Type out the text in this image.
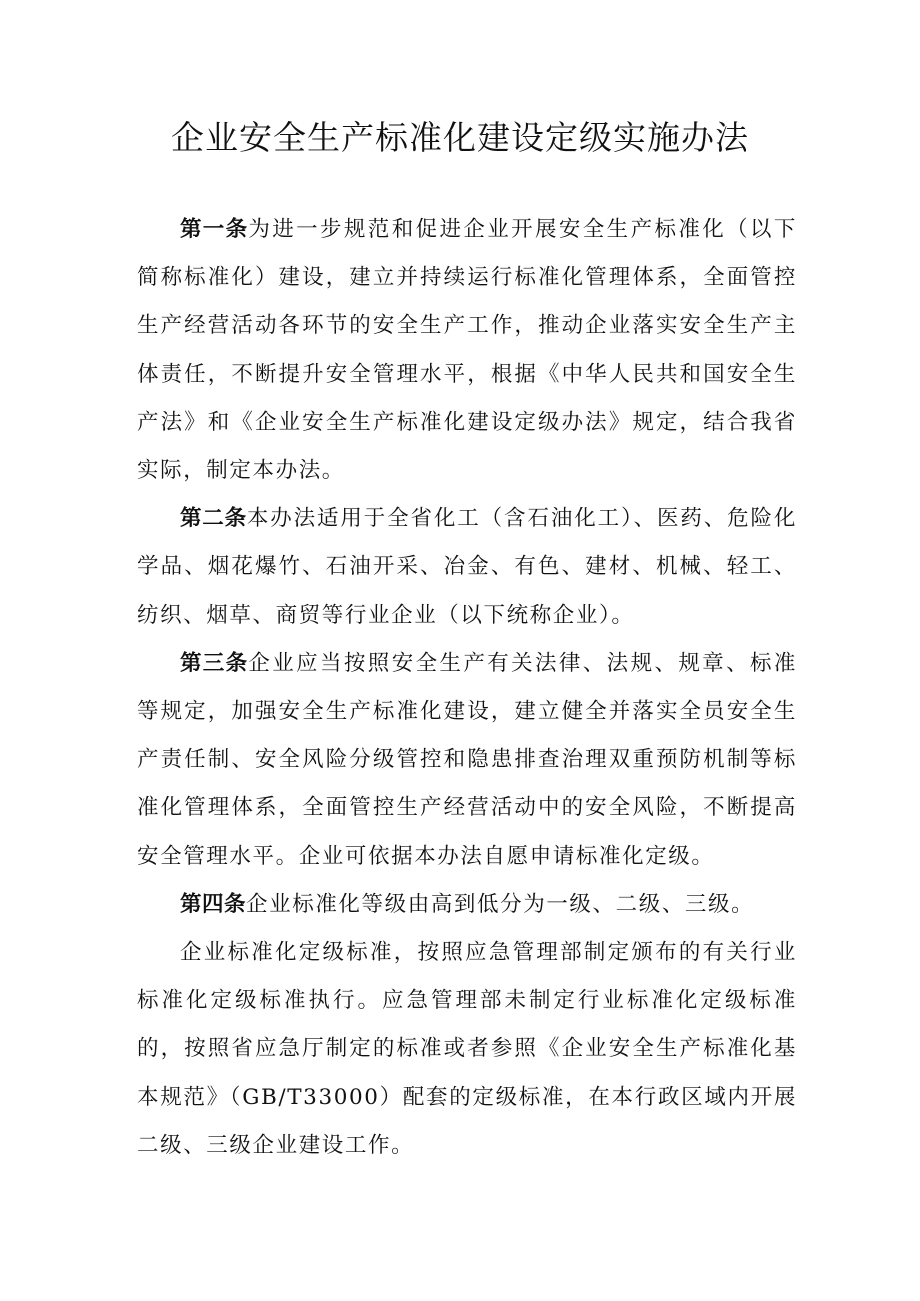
企业安全生产标准化建设定级实施办法

第一条为进一步规范和促进企业开展安全生产标准化（以下简称标准化）建设，建立并持续运行标准化管理体系，全面管控生产经营活动各环节的安全生产工作，推动企业落实安全生产主体责任，不断提升安全管理水平，根据《中华人民共和国安全生产法》和《企业安全生产标准化建设定级办法》规定，结合我省实际，制定本办法。

第二条本办法适用于全省化工（含石油化工）、医药、危险化学品、烟花爆竹、石油开采、冶金、有色、建材、机械、轻工、纺织、烟草、商贸等行业企业（以下统称企业）。

第三条企业应当按照安全生产有关法律、法规、规章、标准等规定，加强安全生产标准化建设，建立健全并落实全员安全生产责任制、安全风险分级管控和隐患排查治理双重预防机制等标准化管理体系，全面管控生产经营活动中的安全风险，不断提高安全管理水平。企业可依据本办法自愿申请标准化定级。

第四条企业标准化等级由高到低分为一级、二级、三级。

企业标准化定级标准，按照应急管理部制定颁布的有关行业标准化定级标准执行。应急管理部未制定行业标准化定级标准的，按照省应急厅制定的标准或者参照《企业安全生产标准化基本规范》（GB/T33000）配套的定级标准，在本行政区域内开展二级、三级企业建设工作。
